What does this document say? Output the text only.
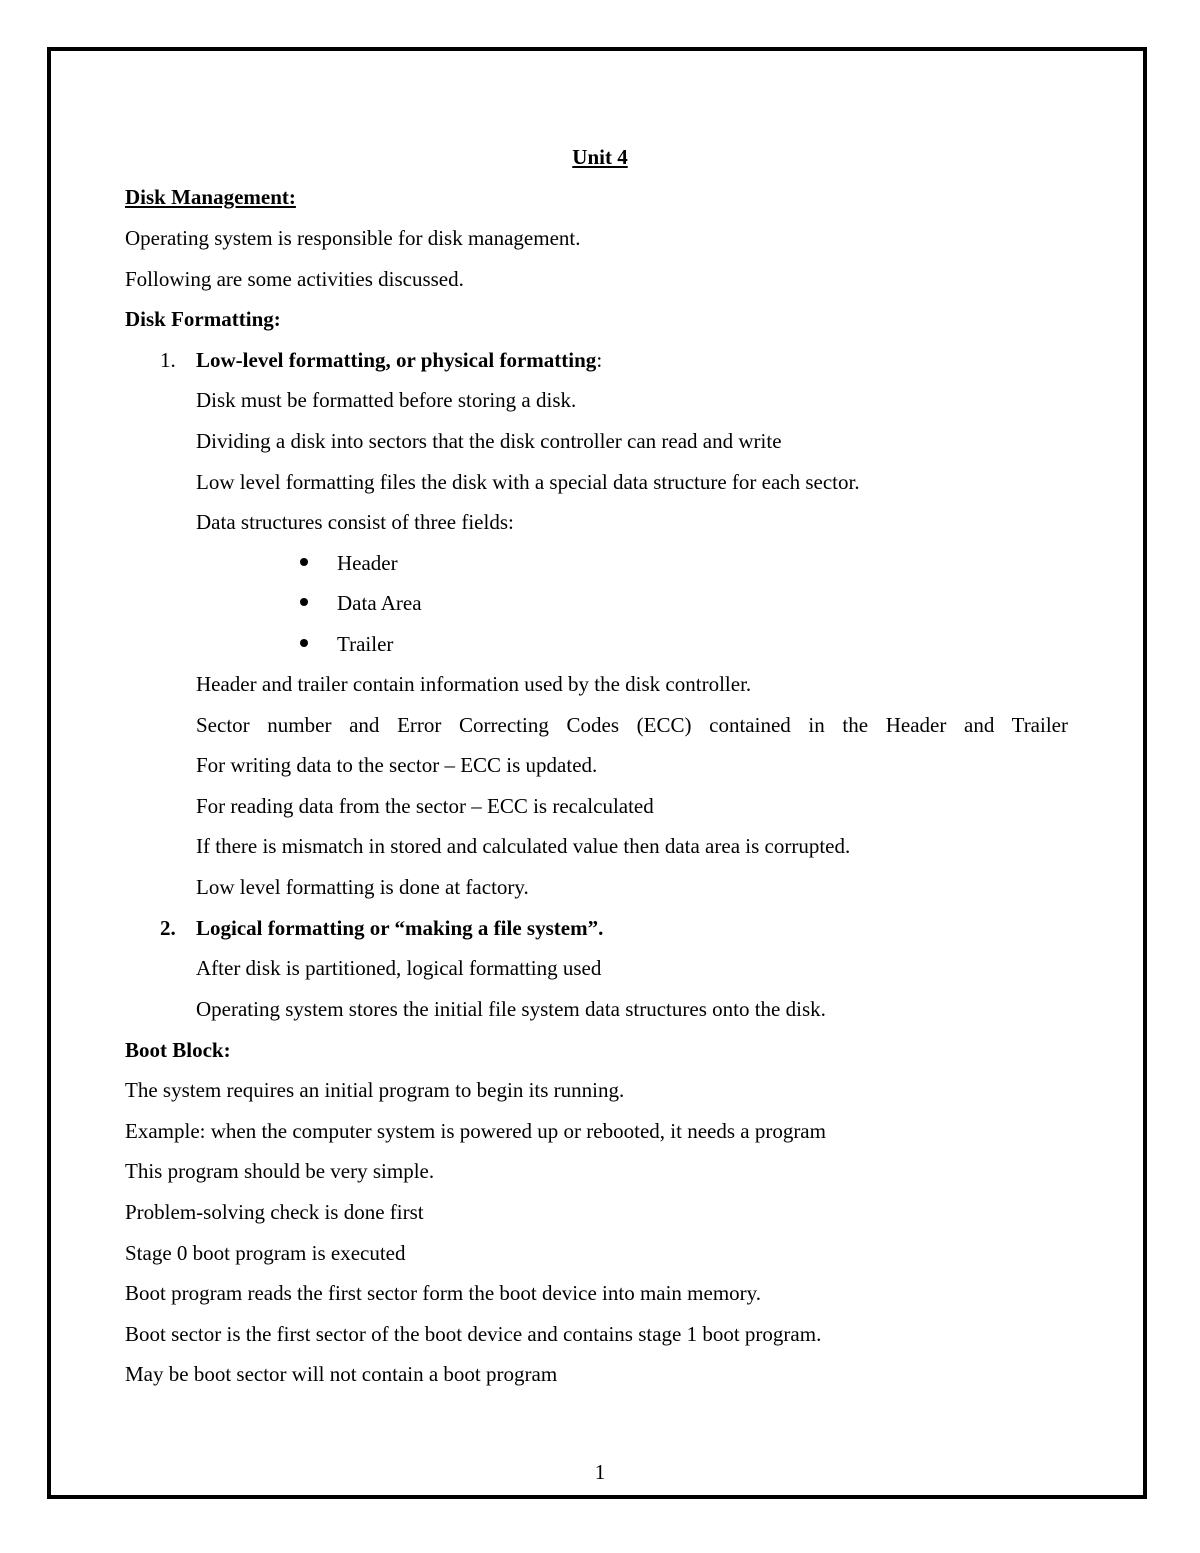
Unit 4
Disk Management:
Operating system is responsible for disk management.
Following are some activities discussed.
Disk Formatting:
1. Low-level formatting, or physical formatting:
Disk must be formatted before storing a disk.
Dividing a disk into sectors that the disk controller can read and write
Low level formatting files the disk with a special data structure for each sector.
Data structures consist of three fields:
Header
Data Area
Trailer
Header and trailer contain information used by the disk controller.
Sector number and Error Correcting Codes (ECC) contained in the Header and Trailer
For writing data to the sector – ECC is updated.
For reading data from the sector – ECC is recalculated
If there is mismatch in stored and calculated value then data area is corrupted.
Low level formatting is done at factory.
2. Logical formatting or “making a file system”.
After disk is partitioned, logical formatting used
Operating system stores the initial file system data structures onto the disk.
Boot Block:
The system requires an initial program to begin its running.
Example: when the computer system is powered up or rebooted, it needs a program
This program should be very simple.
Problem-solving check is done first
Stage 0 boot program is executed
Boot program reads the first sector form the boot device into main memory.
Boot sector is the first sector of the boot device and contains stage 1 boot program.
May be boot sector will not contain a boot program
1
